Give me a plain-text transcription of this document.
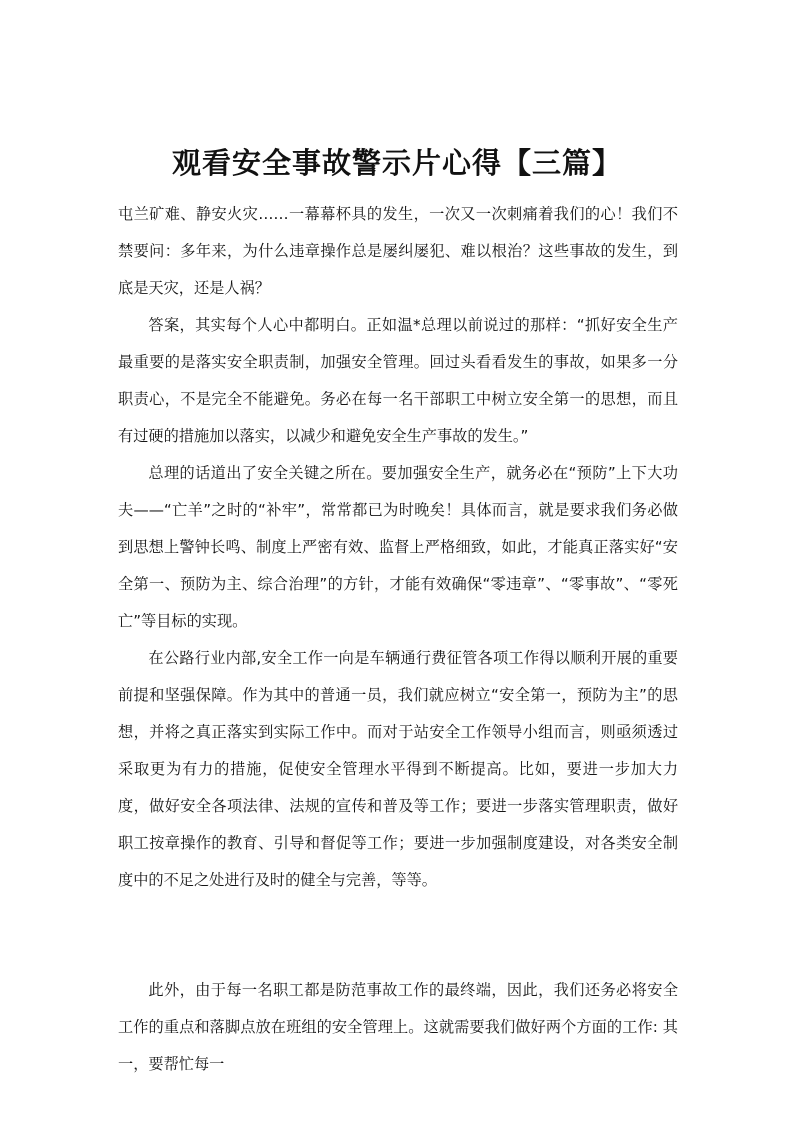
观看安全事故警示片心得【三篇】

屯兰矿难、静安火灾……一幕幕杯具的发生，一次又一次刺痛着我们的心！我们不禁要问：多年来，为什么违章操作总是屡纠屡犯、难以根治？这些事故的发生，到底是天灾，还是人祸？

答案，其实每个人心中都明白。正如温*总理以前说过的那样：“抓好安全生产最重要的是落实安全职责制，加强安全管理。回过头看看发生的事故，如果多一分职责心，不是完全不能避免。务必在每一名干部职工中树立安全第一的思想，而且有过硬的措施加以落实，以减少和避免安全生产事故的发生。”

总理的话道出了安全关键之所在。要加强安全生产，就务必在“预防”上下大功夫——“亡羊”之时的“补牢”，常常都已为时晚矣！具体而言，就是要求我们务必做到思想上警钟长鸣、制度上严密有效、监督上严格细致，如此，才能真正落实好“安全第一、预防为主、综合治理”的方针，才能有效确保“零违章”、“零事故”、“零死亡”等目标的实现。

在公路行业内部,安全工作一向是车辆通行费征管各项工作得以顺利开展的重要前提和坚强保障。作为其中的普通一员，我们就应树立“安全第一，预防为主”的思想，并将之真正落实到实际工作中。而对于站安全工作领导小组而言，则亟须透过采取更为有力的措施，促使安全管理水平得到不断提高。比如，要进一步加大力度，做好安全各项法律、法规的宣传和普及等工作；要进一步落实管理职责，做好职工按章操作的教育、引导和督促等工作；要进一步加强制度建设，对各类安全制度中的不足之处进行及时的健全与完善，等等。

此外，由于每一名职工都是防范事故工作的最终端，因此，我们还务必将安全工作的重点和落脚点放在班组的安全管理上。这就需要我们做好两个方面的工作: 其一，要帮忙每一
